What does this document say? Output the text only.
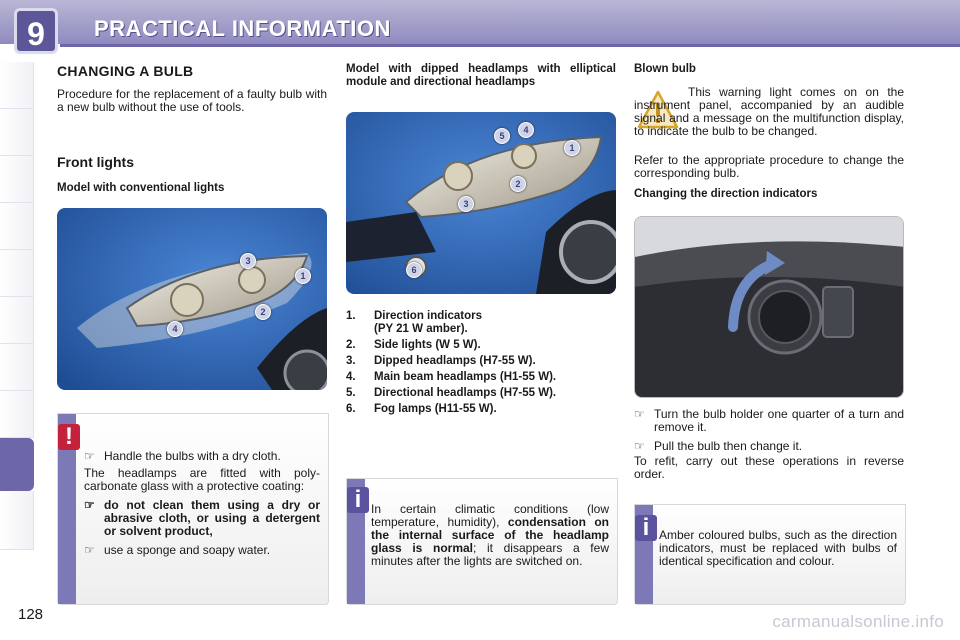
9	PRACTICAL INFORMATION
CHANGING A BULB
Procedure for the replacement of a faulty bulb with a new bulb without the use of tools.
Front lights
Model with conventional lights
1
2
3
4
!
☞ Handle the bulbs with a dry cloth.
The headlamps are fitted with poly-carbonate glass with a protective coating:
☞ do not clean them using a dry or abrasive cloth, or using a detergent or solvent product,
☞ use a sponge and soapy water.
Model with dipped headlamps with elliptical module and directional headlamps
1
2
3
4
5
6
1.	Direction indicators
(PY 21 W amber).
2.	Side lights (W 5 W).
3.	Dipped headlamps (H7-55 W).
4.	Main beam headlamps (H1-55 W).
5.	Directional headlamps (H7-55 W).
6.	Fog lamps (H11-55 W).
i In certain climatic conditions (low temperature, humidity), condensation on the internal surface of the headlamp glass is normal; it disappears a few minutes after the lights are switched on.
Blown bulb
This warning light comes on on the instrument panel, accompanied by an audible signal and a message on the multifunction display, to indicate the bulb to be changed.
Refer to the appropriate procedure to change the corresponding bulb.
Changing the direction indicators
☞ Turn the bulb holder one quarter of a turn and remove it.
☞ Pull the bulb then change it.
To refit, carry out these operations in reverse order.
i Amber coloured bulbs, such as the direction indicators, must be replaced with bulbs of identical specification and colour.
128	carmanualsonline.info
